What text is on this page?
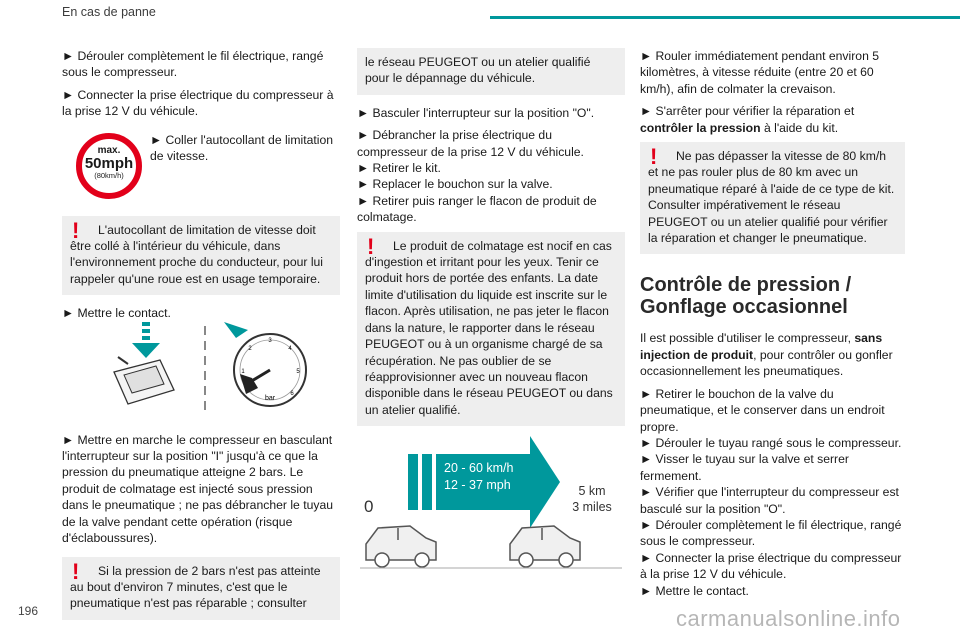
En cas de panne

► Dérouler complètement le fil électrique, rangé sous le compresseur.

► Connecter la prise électrique du compresseur à la prise 12 V du véhicule.

► Coller l'autocollant de limitation de vitesse.

!	L'autocollant de limitation de vitesse doit être collé à l'intérieur du véhicule, dans l'environnement proche du conducteur, pour lui rappeler qu'une roue est en usage temporaire.

► Mettre le contact.

► Mettre en marche le compresseur en basculant l'interrupteur sur la position "I" jusqu'à ce que la pression du pneumatique atteigne 2 bars. Le produit de colmatage est injecté sous pression dans le pneumatique ; ne pas débrancher le tuyau de la valve pendant cette opération (risque d'éclaboussures).

!	Si la pression de 2 bars n'est pas atteinte au bout d'environ 7 minutes, c'est que le pneumatique n'est pas réparable ; consulter
max.
50mph
(80km/h)
bar
1
2
3
4
5
6
le réseau PEUGEOT ou un atelier qualifié pour le dépannage du véhicule.

► Basculer l'interrupteur sur la position "O".

► Débrancher la prise électrique du compresseur de la prise 12 V du véhicule.

► Retirer le kit.

► Replacer le bouchon sur la valve.

► Retirer puis ranger le flacon de produit de colmatage.

!	Le produit de colmatage est nocif en cas d'ingestion et irritant pour les yeux. Tenir ce produit hors de portée des enfants. La date limite d'utilisation du liquide est inscrite sur le flacon. Après utilisation, ne pas jeter le flacon dans la nature, le rapporter dans le réseau PEUGEOT ou à un organisme chargé de sa récupération. Ne pas oublier de se réapprovisionner avec un nouveau flacon disponible dans le réseau PEUGEOT ou dans un atelier qualifié.
20 - 60 km/h
12 - 37 mph
0
5 km
3 miles

► Rouler immédiatement pendant environ 5 kilomètres, à vitesse réduite (entre 20 et 60 km/h), afin de colmater la crevaison.

► S'arrêter pour vérifier la réparation et contrôler la pression à l'aide du kit.

!	Ne pas dépasser la vitesse de 80 km/h et ne pas rouler plus de 80 km avec un pneumatique réparé à l'aide de ce type de kit. Consulter impérativement le réseau PEUGEOT ou un atelier qualifié pour vérifier la réparation et changer le pneumatique.
Contrôle de pression / Gonflage occasionnel

Il est possible d'utiliser le compresseur, sans injection de produit, pour contrôler ou gonfler occasionnellement les pneumatiques.

► Retirer le bouchon de la valve du pneumatique, et le conserver dans un endroit propre.

► Dérouler le tuyau rangé sous le compresseur.

► Visser le tuyau sur la valve et serrer fermement.

► Vérifier que l'interrupteur du compresseur est basculé sur la position "O".

► Dérouler complètement le fil électrique, rangé sous le compresseur.

► Connecter la prise électrique du compresseur à la prise 12 V du véhicule.

► Mettre le contact.

196	carmanualsonline.info
